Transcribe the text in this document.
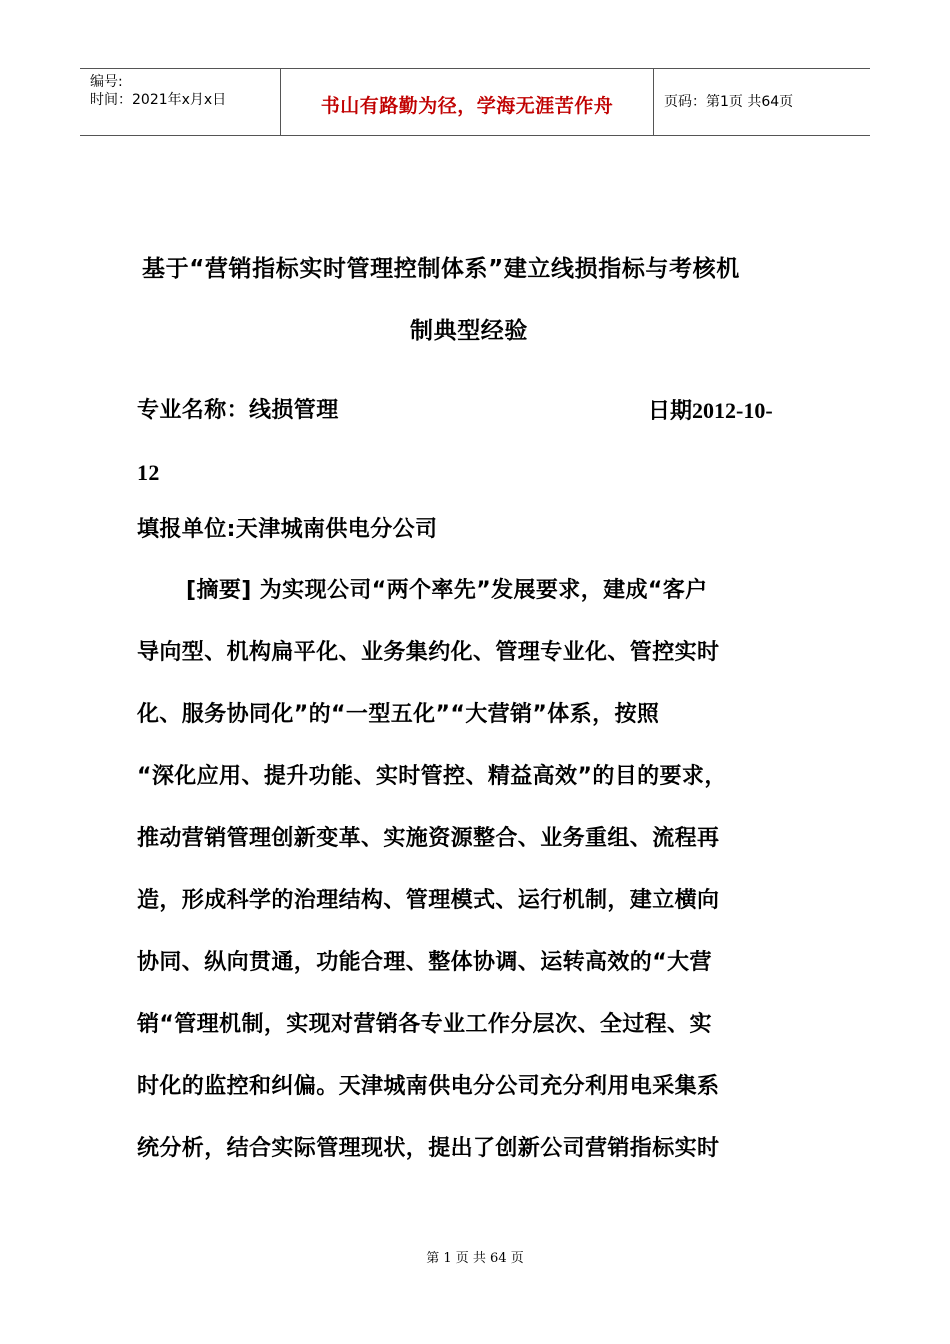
编号:
时间：2021年x月x日	书山有路勤为径，学海无涯苦作舟	页码：第1页 共64页
基于“营销指标实时管理控制体系”建立线损指标与考核机
制典型经验
专业名称：线损管理	日期2012-10-
12
填报单位:天津城南供电分公司
[摘要] 为实现公司“两个率先”发展要求，建成“客户
导向型、机构扁平化、业务集约化、管理专业化、管控实时
化、服务协同化”的“一型五化”“大营销”体系，按照
“深化应用、提升功能、实时管控、精益高效”的目的要求，
推动营销管理创新变革、实施资源整合、业务重组、流程再
造，形成科学的治理结构、管理模式、运行机制，建立横向
协同、纵向贯通，功能合理、整体协调、运转高效的“大营
销“管理机制，实现对营销各专业工作分层次、全过程、实
时化的监控和纠偏。天津城南供电分公司充分利用电采集系
统分析，结合实际管理现状，提出了创新公司营销指标实时
第 1 页 共 64 页
